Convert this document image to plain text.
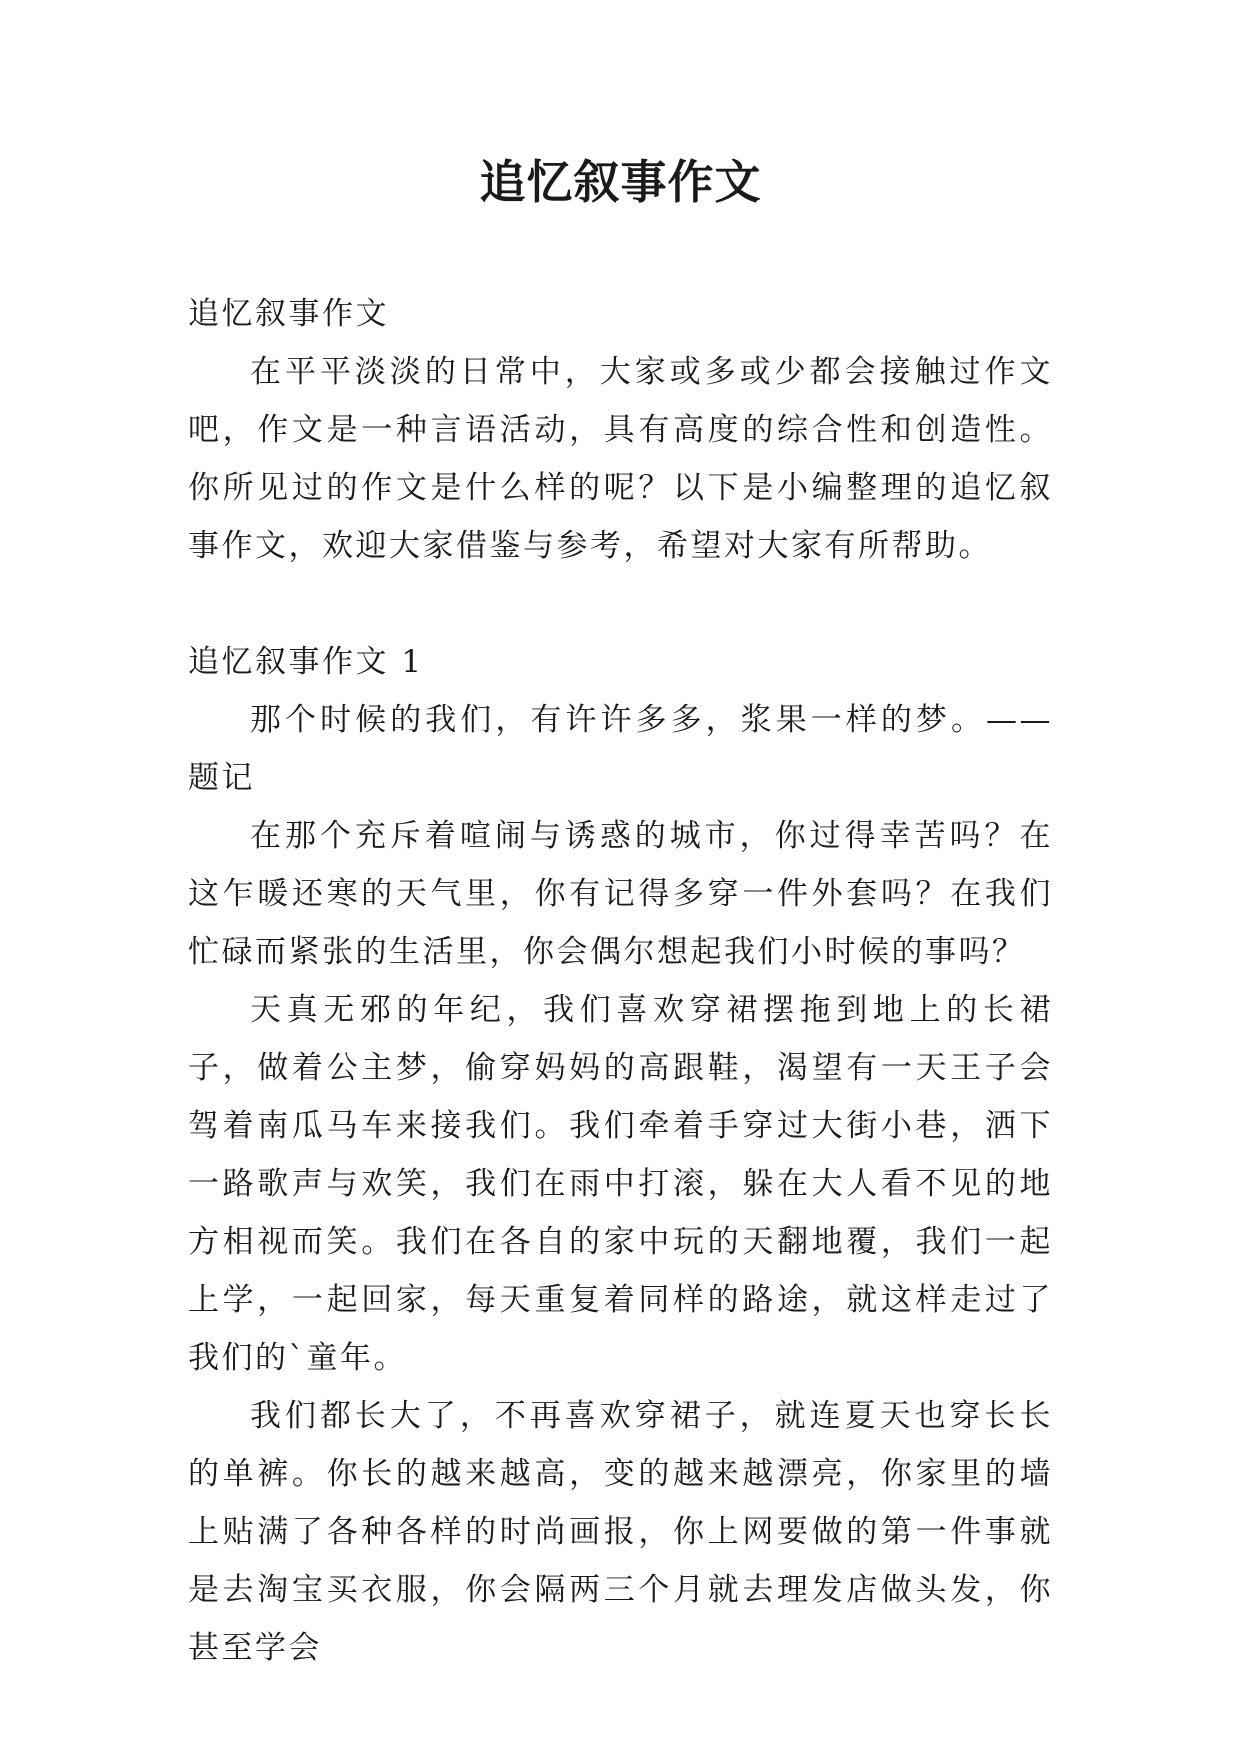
追忆叙事作文

追忆叙事作文

在平平淡淡的日常中，大家或多或少都会接触过作文吧，作文是一种言语活动，具有高度的综合性和创造性。你所见过的作文是什么样的呢？以下是小编整理的追忆叙事作文，欢迎大家借鉴与参考，希望对大家有所帮助。

追忆叙事作文 1

那个时候的我们，有许许多多，浆果一样的梦。——题记

在那个充斥着喧闹与诱惑的城市，你过得幸苦吗？在这乍暖还寒的天气里，你有记得多穿一件外套吗？在我们忙碌而紧张的生活里，你会偶尔想起我们小时候的事吗？

天真无邪的年纪，我们喜欢穿裙摆拖到地上的长裙子，做着公主梦，偷穿妈妈的高跟鞋，渴望有一天王子会驾着南瓜马车来接我们。我们牵着手穿过大街小巷，洒下一路歌声与欢笑，我们在雨中打滚，躲在大人看不见的地方相视而笑。我们在各自的家中玩的天翻地覆，我们一起上学，一起回家，每天重复着同样的路途，就这样走过了我们的`童年。

我们都长大了，不再喜欢穿裙子，就连夏天也穿长长的单裤。你长的越来越高，变的越来越漂亮，你家里的墙上贴满了各种各样的时尚画报，你上网要做的第一件事就是去淘宝买衣服，你会隔两三个月就去理发店做头发，你甚至学会
